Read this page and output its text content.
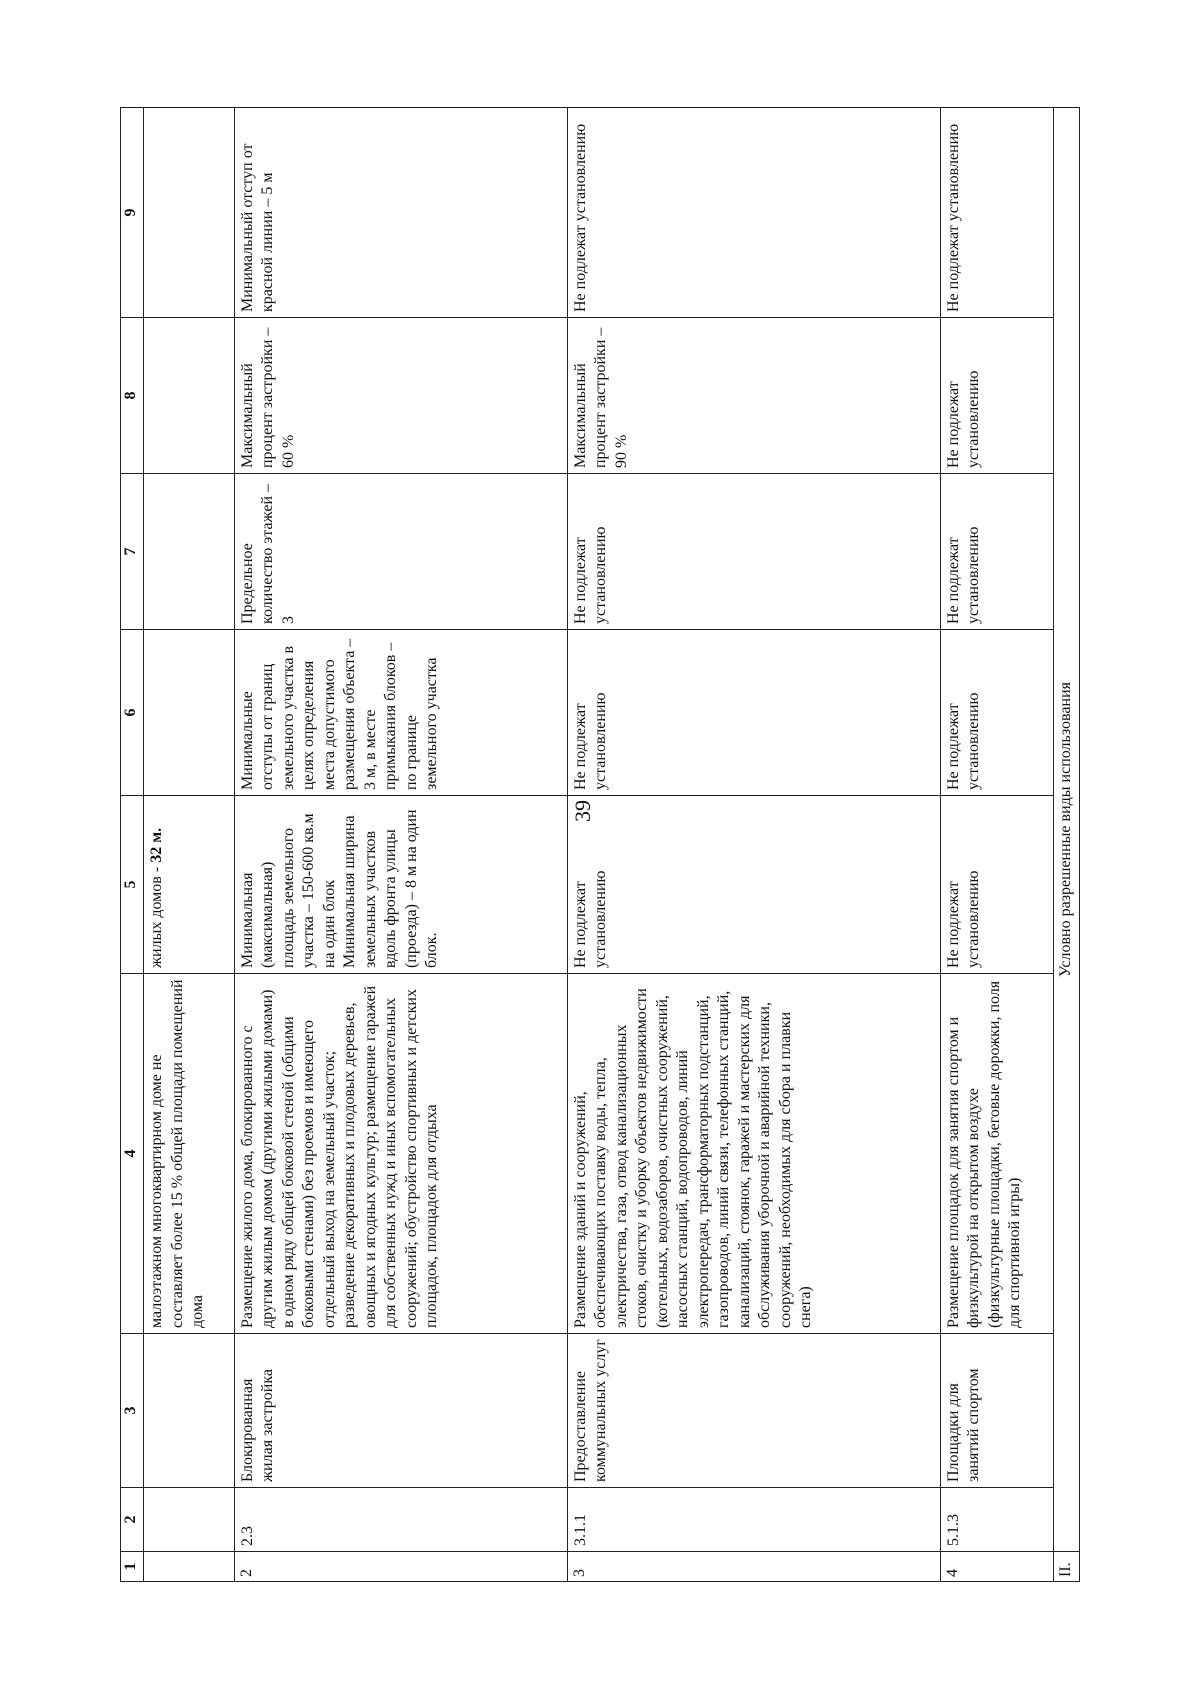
39
1	2	3	4	5	6	7	8	9
			малоэтажном многоквартирном доме не составляет более 15 % общей площади помещений дома	жилых домов - 32 м.				
2	2.3	Блокированная жилая застройка	Размещение жилого дома, блокированного с другим жилым домом (другими жилыми домами) в одном ряду общей боковой стеной (общими боковыми стенами) без проемов и имеющего отдельный выход на земельный участок; разведение декоративных и плодовых деревьев, овощных и ягодных культур; размещение гаражей для собственных нужд и иных вспомогательных сооружений; обустройство спортивных и детских площадок, площадок для отдыха	Минимальная (максимальная) площадь земельного участка – 150-600 кв.м на один блок Минимальная ширина земельных участков вдоль фронта улицы (проезда) – 8 м на один блок.	Минимальные отступы от границ земельного участка в целях определения места допустимого размещения объекта – 3 м, в месте примыкания блоков – по границе земельного участка	Предельное количество этажей – 3	Максимальный процент застройки – 60 %	Минимальный отступ от красной линии – 5 м
3	3.1.1	Предоставление коммунальных услуг	Размещение зданий и сооружений, обеспечивающих поставку воды, тепла, электричества, газа, отвод канализационных стоков, очистку и уборку объектов недвижимости (котельных, водозаборов, очистных сооружений, насосных станций, водопроводов, линий электропередач, трансформаторных подстанций, газопроводов, линий связи, телефонных станций, канализаций, стоянок, гаражей и мастерских для обслуживания уборочной и аварийной техники, сооружений, необходимых для сбора и плавки снега)	Не подлежат установлению	Не подлежат установлению	Не подлежат установлению	Максимальный процент застройки – 90 %	Не подлежат установлению
4	5.1.3	Площадки для занятий спортом	Размещение площадок для занятия спортом и физкультурой на открытом воздухе (физкультурные площадки, беговые дорожки, поля для спортивной игры)	Не подлежат установлению	Не подлежат установлению	Не подлежат установлению	Не подлежат установлению	Не подлежат установлению
II.	Условно разрешенные виды использования							
